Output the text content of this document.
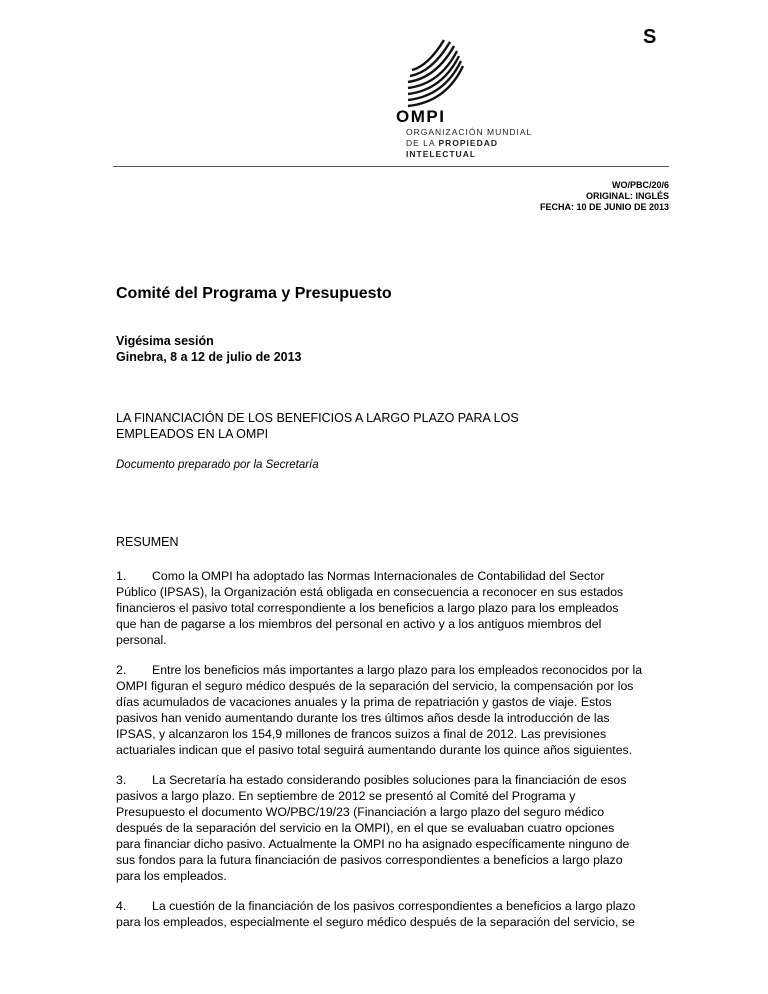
S
OMPI
ORGANIZACIÓN MUNDIAL
DE LA PROPIEDAD
INTELECTUAL
WO/PBC/20/6
ORIGINAL: INGLÉS
FECHA: 10 DE JUNIO DE 2013
Comité del Programa y Presupuesto
Vigésima sesión
Ginebra, 8 a 12 de julio de 2013
LA FINANCIACIÓN DE LOS BENEFICIOS A LARGO PLAZO PARA LOS
EMPLEADOS EN LA OMPI
Documento preparado por la Secretaría
RESUMEN

1. Como la OMPI ha adoptado las Normas Internacionales de Contabilidad del Sector
Público (IPSAS), la Organización está obligada en consecuencia a reconocer en sus estados
financieros el pasivo total correspondiente a los beneficios a largo plazo para los empleados
que han de pagarse a los miembros del personal en activo y a los antiguos miembros del
personal.

2. Entre los beneficios más importantes a largo plazo para los empleados reconocidos por la
OMPI figuran el seguro médico después de la separación del servicio, la compensación por los
días acumulados de vacaciones anuales y la prima de repatriación y gastos de viaje. Estos
pasivos han venido aumentando durante los tres últimos años desde la introducción de las
IPSAS, y alcanzaron los 154,9 millones de francos suizos a final de 2012. Las previsiones
actuariales indican que el pasivo total seguirá aumentando durante los quince años siguientes.

3. La Secretaría ha estado considerando posibles soluciones para la financiación de esos
pasivos a largo plazo. En septiembre de 2012 se presentó al Comité del Programa y
Presupuesto el documento WO/PBC/19/23 (Financiación a largo plazo del seguro médico
después de la separación del servicio en la OMPI), en el que se evaluaban cuatro opciones
para financiar dicho pasivo. Actualmente la OMPI no ha asignado específicamente ninguno de
sus fondos para la futura financiación de pasivos correspondientes a beneficios a largo plazo
para los empleados.

4. La cuestión de la financiación de los pasivos correspondientes a beneficios a largo plazo
para los empleados, especialmente el seguro médico después de la separación del servicio, se
